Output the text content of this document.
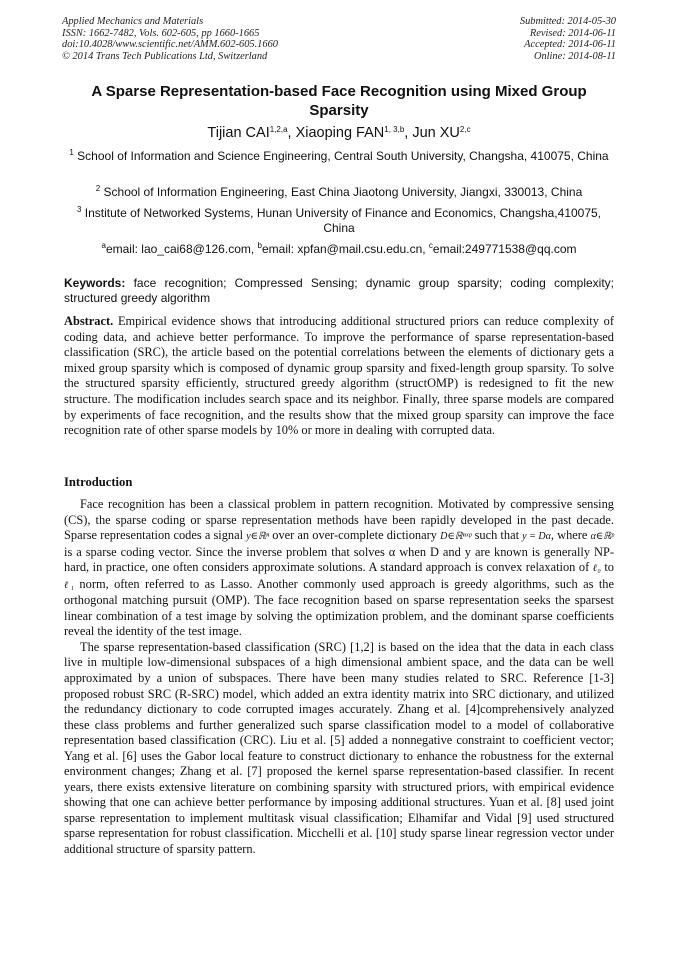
Applied Mechanics and Materials
ISSN: 1662-7482, Vols. 602-605, pp 1660-1665
doi:10.4028/www.scientific.net/AMM.602-605.1660
© 2014 Trans Tech Publications Ltd, Switzerland
Submitted: 2014-05-30
Revised: 2014-06-11
Accepted: 2014-06-11
Online: 2014-08-11
A Sparse Representation-based Face Recognition using Mixed Group Sparsity
Tijian CAI$^{1,2,a}$, Xiaoping FAN$^{1, 3,b}$, Jun XU$^{2,c}$
$^1$ School of Information and Science Engineering, Central South University, Changsha, 410075, China
$^2$ School of Information Engineering, East China Jiaotong University, Jiangxi, 330013, China
$^3$ Institute of Networked Systems, Hunan University of Finance and Economics, Changsha,410075, China
$^a$email: lao_cai68@126.com, $^b$email: xpfan@mail.csu.edu.cn, $^c$email:249771538@qq.com
Keywords: face recognition; Compressed Sensing; dynamic group sparsity; coding complexity; structured greedy algorithm
Abstract. Empirical evidence shows that introducing additional structured priors can reduce complexity of coding data, and achieve better performance. To improve the performance of sparse representation-based classification (SRC), the article based on the potential correlations between the elements of dictionary gets a mixed group sparsity which is composed of dynamic group sparsity and fixed-length group sparsity. To solve the structured sparsity efficiently, structured greedy algorithm (structOMP) is redesigned to fit the new structure. The modification includes search space and its neighbor. Finally, three sparse models are compared by experiments of face recognition, and the results show that the mixed group sparsity can improve the face recognition rate of other sparse models by 10% or more in dealing with corrupted data.
Introduction

Face recognition has been a classical problem in pattern recognition. Motivated by compressive sensing (CS), the sparse coding or sparse representation methods have been rapidly developed in the past decade. Sparse representation codes a signal y∈ℝⁿ over an over-complete dictionary D∈ℝⁿˣᵖ such that y = Dα, where α∈ℝᵖ is a sparse coding vector. Since the inverse problem that solves α when D and y are known is generally NP-hard, in practice, one often considers approximate solutions. A standard approach is convex relaxation of ℓ₀ to ℓ₁ norm, often referred to as Lasso. Another commonly used approach is greedy algorithms, such as the orthogonal matching pursuit (OMP). The face recognition based on sparse representation seeks the sparsest linear combination of a test image by solving the optimization problem, and the dominant sparse coefficients reveal the identity of the test image.

The sparse representation-based classification (SRC) [1,2] is based on the idea that the data in each class live in multiple low-dimensional subspaces of a high dimensional ambient space, and the data can be well approximated by a union of subspaces. There have been many studies related to SRC. Reference [1-3] proposed robust SRC (R-SRC) model, which added an extra identity matrix into SRC dictionary, and utilized the redundancy dictionary to code corrupted images accurately. Zhang et al. [4]comprehensively analyzed these class problems and further generalized such sparse classification model to a model of collaborative representation based classification (CRC). Liu et al. [5] added a nonnegative constraint to coefficient vector; Yang et al. [6] uses the Gabor local feature to construct dictionary to enhance the robustness for the external environment changes; Zhang et al. [7] proposed the kernel sparse representation-based classifier. In recent years, there exists extensive literature on combining sparsity with structured priors, with empirical evidence showing that one can achieve better performance by imposing additional structures. Yuan et al. [8] used joint sparse representation to implement multitask visual classification; Elhamifar and Vidal [9] used structured sparse representation for robust classification. Micchelli et al. [10] study sparse linear regression vector under additional structure of sparsity pattern.
